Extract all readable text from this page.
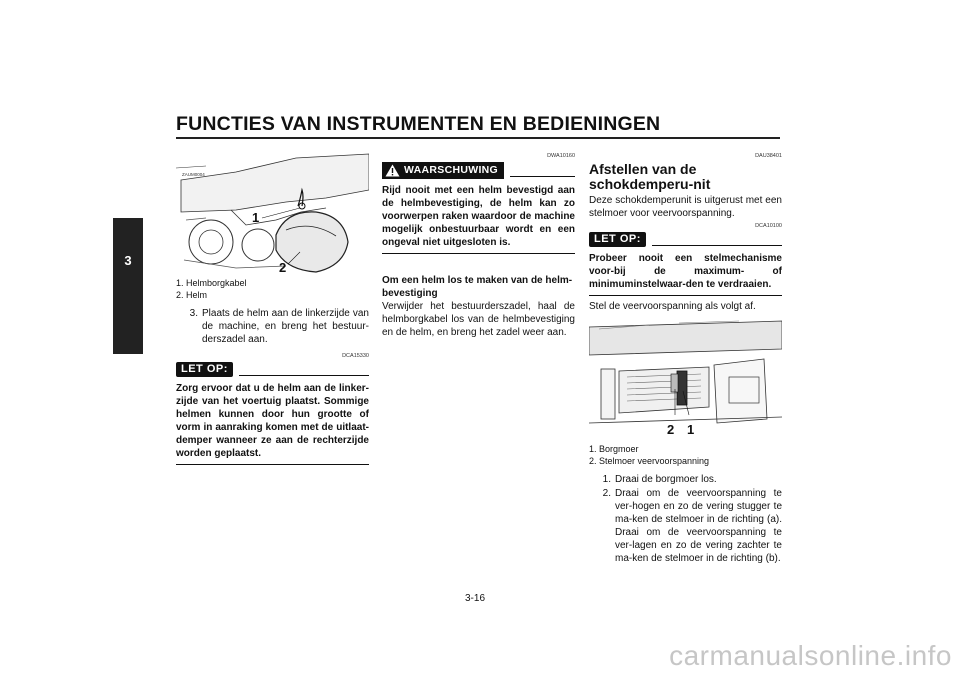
FUNCTIES VAN INSTRUMENTEN EN BEDIENINGEN
3
ZAUM0004
1
2
1. Helmborgkabel
2. Helm
3. Plaats de helm aan de linkerzijde van de machine, en breng het bestuur-derszadel aan.
DCA15330
LET OP:
Zorg ervoor dat u de helm aan de linker-zijde van het voertuig plaatst. Sommige helmen kunnen door hun grootte of vorm in aanraking komen met de uitlaat-demper wanneer ze aan de rechterzijde worden geplaatst.
DWA10160
WAARSCHUWING
Rijd nooit met een helm bevestigd aan de helmbevestiging, de helm kan zo voorwerpen raken waardoor de machine mogelijk onbestuurbaar wordt en een ongeval niet uitgesloten is.
Om een helm los te maken van de helm-bevestiging
Verwijder het bestuurderszadel, haal de helmborgkabel los van de helmbevestiging en de helm, en breng het zadel weer aan.
DAU38401
Afstellen van de schokdemperu-nit
Deze schokdemperunit is uitgerust met een stelmoer voor veervoorspanning.
DCA10100
LET OP:
Probeer nooit een stelmechanisme voor-bij de maximum- of minimuminstelwaar-den te verdraaien.
Stel de veervoorspanning als volgt af.
2 1
1. Borgmoer
2. Stelmoer veervoorspanning
1. Draai de borgmoer los.
2. Draai om de veervoorspanning te ver-hogen en zo de vering stugger te ma-ken de stelmoer in de richting (a). Draai om de veervoorspanning te ver-lagen en zo de vering zachter te ma-ken de stelmoer in de richting (b).
3-16
carmanualsonline.info
